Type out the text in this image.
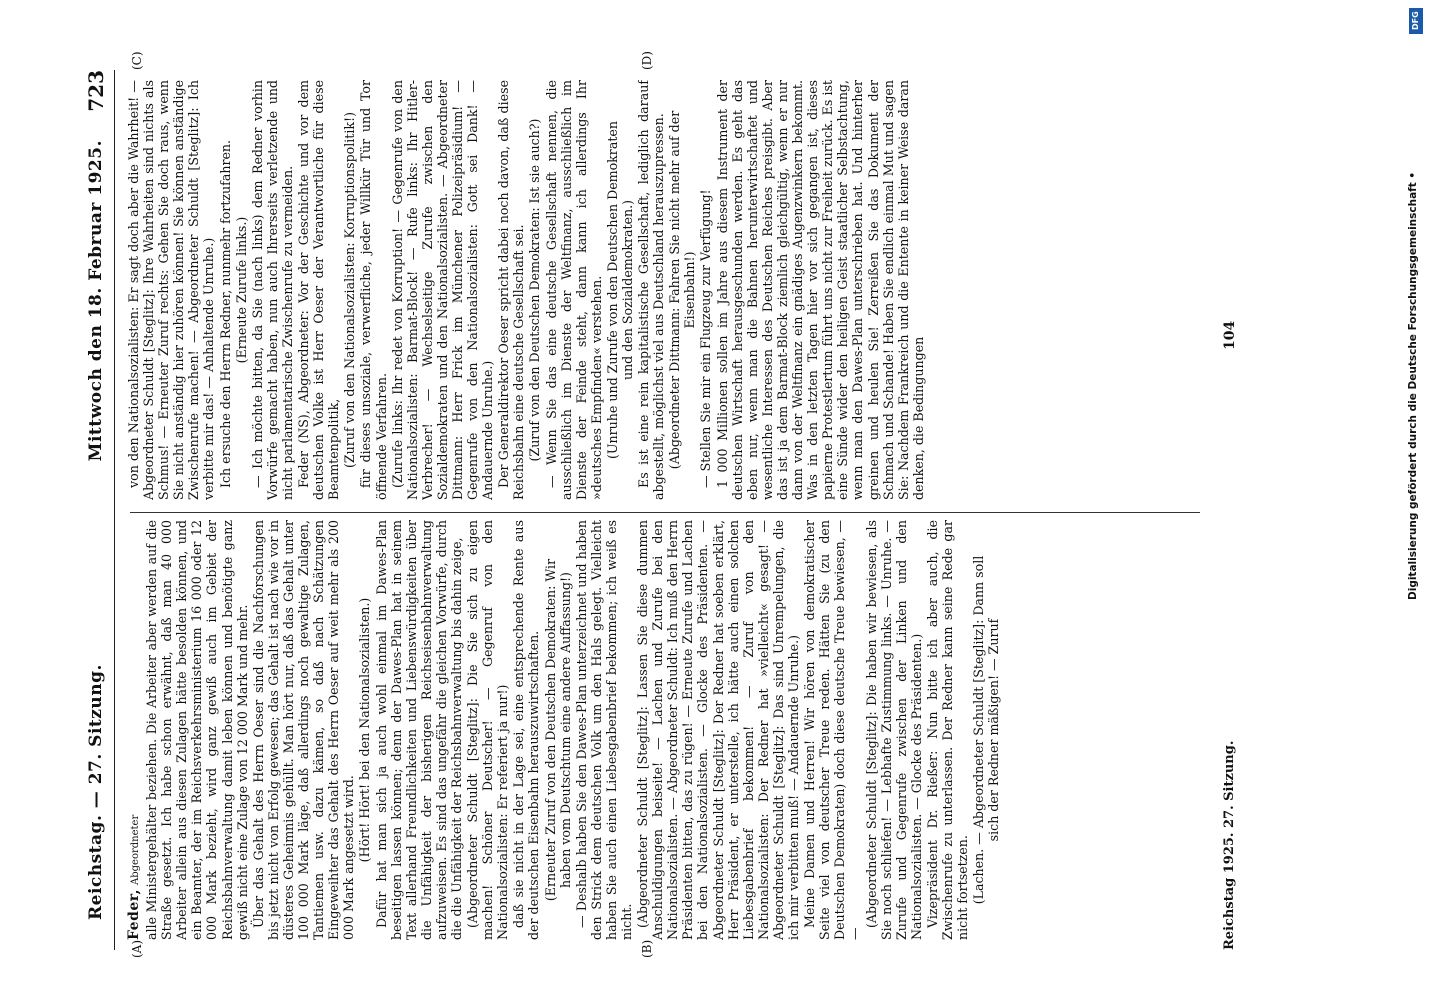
Reichstag. — 27. Sitzung.
Mittwoch den 18. Februar 1925.
723
(A)	(B)
(C)	(D)

Feder, Abgeordneter alle Ministergehälter beziehen. Die Arbeiter aber werden auf die Straße gesetzt. Ich habe schon erwähnt, daß man 40 000 Arbeiter allein aus diesen Zulagen hätte besolden können, und ein Beamter, der im Reichsverkehrsministerium 16 000 oder 12 000 Mark bezieht, wird ganz gewiß auch im Gebiet der Reichsbahnverwaltung damit leben können und benötigte ganz gewiß nicht eine Zulage von 12 000 Mark und mehr. Über das Gehalt des Herrn Oeser sind die Nachforschungen bis jetzt nicht von Erfolg gewesen; das Gehalt ist nach wie vor in düsteres Geheimnis gehüllt. Man hört nur, daß das Gehalt unter 100 000 Mark läge, daß allerdings noch gewaltige Zulagen, Tantiemen usw. dazu kämen, so daß nach Schätzungen Eingeweihter das Gehalt des Herrn Oeser auf weit mehr als 200 000 Mark angesetzt wird. (Hört! Hört! bei den Nationalsozialisten.) Dafür hat man sich ja auch wohl einmal im Dawes-Plan beseitigen lassen können; denn der Dawes-Plan hat in seinem Text allerhand Freundlichkeiten und Liebenswürdigkeiten über die Unfähigkeit der bisherigen Reichseisenbahnverwaltung aufzuweisen. Es sind das ungefähr die gleichen Vorwürfe, durch die die Unfähigkeit der Reichsbahnverwaltung bis dahin zeige, (Abgeordneter Schuldt [Steglitz]: Die Sie sich zu eigen machen! Schöner Deutscher! — Gegenruf von den Nationalsozialisten: Er referiert ja nur!) daß sie nicht in der Lage sei, eine entsprechende Rente aus der deutschen Eisenbahn herauszuwirtschaften. (Erneuter Zuruf von den Deutschen Demokraten: Wir haben vom Deutschtum eine andere Auffassung!) — Deshalb haben Sie den Dawes-Plan unterzeichnet und haben den Strick dem deutschen Volk um den Hals gelegt. Vielleicht haben Sie auch einen Liebesgabenbrief bekommen; ich weiß es nicht. (Abgeordneter Schuldt [Steglitz]: Lassen Sie diese dummen Anschuldigungen beiseite! — Lachen und Zurufe bei den Nationalsozialisten. — Abgeordneter Schuldt: Ich muß den Herrn Präsidenten bitten, das zu rügen! — Erneute Zurufe und Lachen bei den Nationalsozialisten. — Glocke des Präsidenten. — Abgeordneter Schuldt [Steglitz]: Der Redner hat soeben erklärt, Herr Präsident, er unterstelle, ich hätte auch einen solchen Liebesgabenbrief bekommen! — Zuruf von den Nationalsozialisten: Der Redner hat »vielleicht« gesagt! — Abgeordneter Schuldt [Steglitz]: Das sind Unrempelungen, die ich mir verbitten muß! — Andauernde Unruhe.) Meine Damen und Herren! Wir hören von demokratischer Seite viel von deutscher Treue reden. Hätten Sie (zu den Deutschen Demokraten) doch diese deutsche Treue bewiesen, — —

(Abgeordneter Schuldt [Steglitz]: Die haben wir bewiesen, als Sie noch schliefen! — Lebhafte Zustimmung links. — Unruhe. — Zurufe und Gegenrufe zwischen der Linken und den Nationalsozialisten. — Glocke des Präsidenten.) Vizepräsident Dr. Rießer: Nun bitte ich aber auch, die Zwischenrufe zu unterlassen. Der Redner kann seine Rede gar nicht fortsetzen. (Lachen. — Abgeordneter Schuldt [Steglitz]: Dann soll sich der Redner mäßigen! — Zuruf

von den Nationalsozialisten: Er sagt doch aber die Wahrheit! — Abgeordneter Schuldt [Steglitz]: Ihre Wahrheiten sind nichts als Schmus! — Erneuter Zuruf rechts: Gehen Sie doch raus, wenn Sie nicht anständig hier zuhören können! Sie können anständige Zwischenrufe machen! — Abgeordneter Schuldt [Steglitz]: Ich verbitte mir das! — Anhaltende Unruhe.) Ich ersuche den Herrn Redner, nunmehr fortzufahren. (Erneute Zurufe links.) — Ich möchte bitten, da Sie (nach links) dem Redner vorhin Vorwürfe gemacht haben, nun auch Ihrerseits verletzende und nicht parlamentarische Zwischenrufe zu vermeiden. Feder (NS), Abgeordneter: Vor der Geschichte und vor dem deutschen Volke ist Herr Oeser der Verantwortliche für diese Beamtenpolitik, (Zuruf von den Nationalsozialisten: Korruptionspolitik!) für dieses unsoziale, verwerfliche, jeder Willkür Tür und Tor öffnende Verfahren. (Zurufe links: Ihr redet von Korruption! — Gegenrufe von den Nationalsozialisten: Barmat-Block! — Rufe links: Ihr Hitler-Verbrecher! — Wechselseitige Zurufe zwischen den Sozialdemokraten und den Nationalsozialisten. — Abgeordneter Dittmann: Herr Frick im Münchener Polizeipräsidium! — Gegenrufe von den Nationalsozialisten: Gott sei Dank! — Andauernde Unruhe.) Der Generaldirektor Oeser spricht dabei noch davon, daß diese Reichsbahn eine deutsche Gesellschaft sei. (Zuruf von den Deutschen Demokraten: Ist sie auch?) — Wenn Sie das eine deutsche Gesellschaft nennen, die ausschließlich im Dienste der Weltfinanz, ausschließlich im Dienste der Feinde steht, dann kann ich allerdings Ihr »deutsches Empfinden« verstehen. (Unruhe und Zurufe von den Deutschen Demokraten und den Sozialdemokraten.) Es ist eine rein kapitalistische Gesellschaft, lediglich darauf abgestellt, möglichst viel aus Deutschland herauszupressen. (Abgeordneter Dittmann: Fahren Sie nicht mehr auf der Eisenbahn!) — Stellen Sie mir ein Flugzeug zur Verfügung! 1 000 Millionen sollen im Jahre aus diesem Instrument der deutschen Wirtschaft herausgeschunden werden. Es geht das eben nur, wenn man die Bahnen herunterwirtschaftet und wesentliche Interessen des Deutschen Reiches preisgibt. Aber das ist ja dem Barmat-Block ziemlich gleichgültig, wenn er nur dann von der Weltfinanz ein gnädiges Augenzwinkern bekommt. Was in den letzten Tagen hier vor sich gegangen ist, dieses papierne Protestlertum führt uns nicht zur Freiheit zurück. Es ist eine Sünde wider den heiligen Geist staatlicher Selbstachtung, wenn man den Dawes-Plan unterschrieben hat. Und hinterher greinen und heulen Sie! Zerreißen Sie das Dokument der Schmach und Schande! Haben Sie endlich einmal Mut und sagen Sie: Nachdem Frankreich und die Entente in keiner Weise daran denken, die Bedingungen

Reichstag 1925. 27. Sitzung.
104
DFG
Digitalisierung gefördert durch die Deutsche Forschungsgemeinschaft •
